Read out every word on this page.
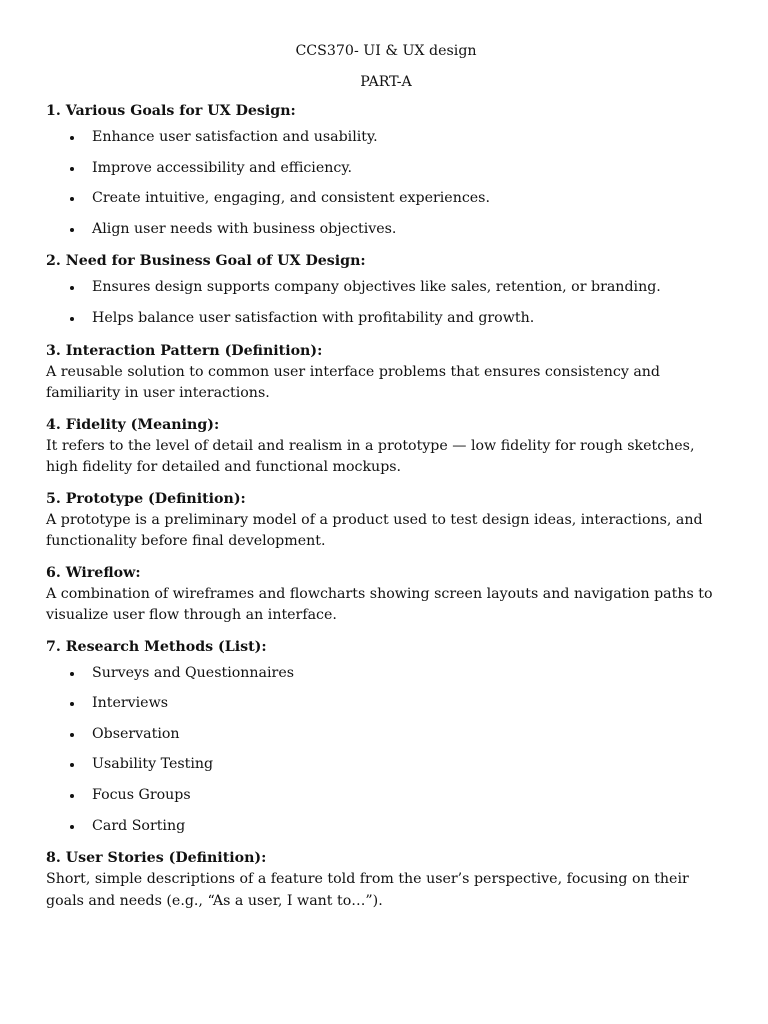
CCS370- UI & UX design

PART-A

1. Various Goals for UX Design:

Enhance user satisfaction and usability.
Improve accessibility and efficiency.
Create intuitive, engaging, and consistent experiences.
Align user needs with business objectives.

2. Need for Business Goal of UX Design:

Ensures design supports company objectives like sales, retention, or branding.
Helps balance user satisfaction with profitability and growth.

3. Interaction Pattern (Definition):

A reusable solution to common user interface problems that ensures consistency and familiarity in user interactions.

4. Fidelity (Meaning):

It refers to the level of detail and realism in a prototype — low fidelity for rough sketches, high fidelity for detailed and functional mockups.

5. Prototype (Definition):

A prototype is a preliminary model of a product used to test design ideas, interactions, and functionality before final development.

6. Wireflow:

A combination of wireframes and flowcharts showing screen layouts and navigation paths to visualize user flow through an interface.

7. Research Methods (List):

Surveys and Questionnaires
Interviews
Observation
Usability Testing
Focus Groups
Card Sorting

8. User Stories (Definition):

Short, simple descriptions of a feature told from the user’s perspective, focusing on their goals and needs (e.g., “As a user, I want to…”).
